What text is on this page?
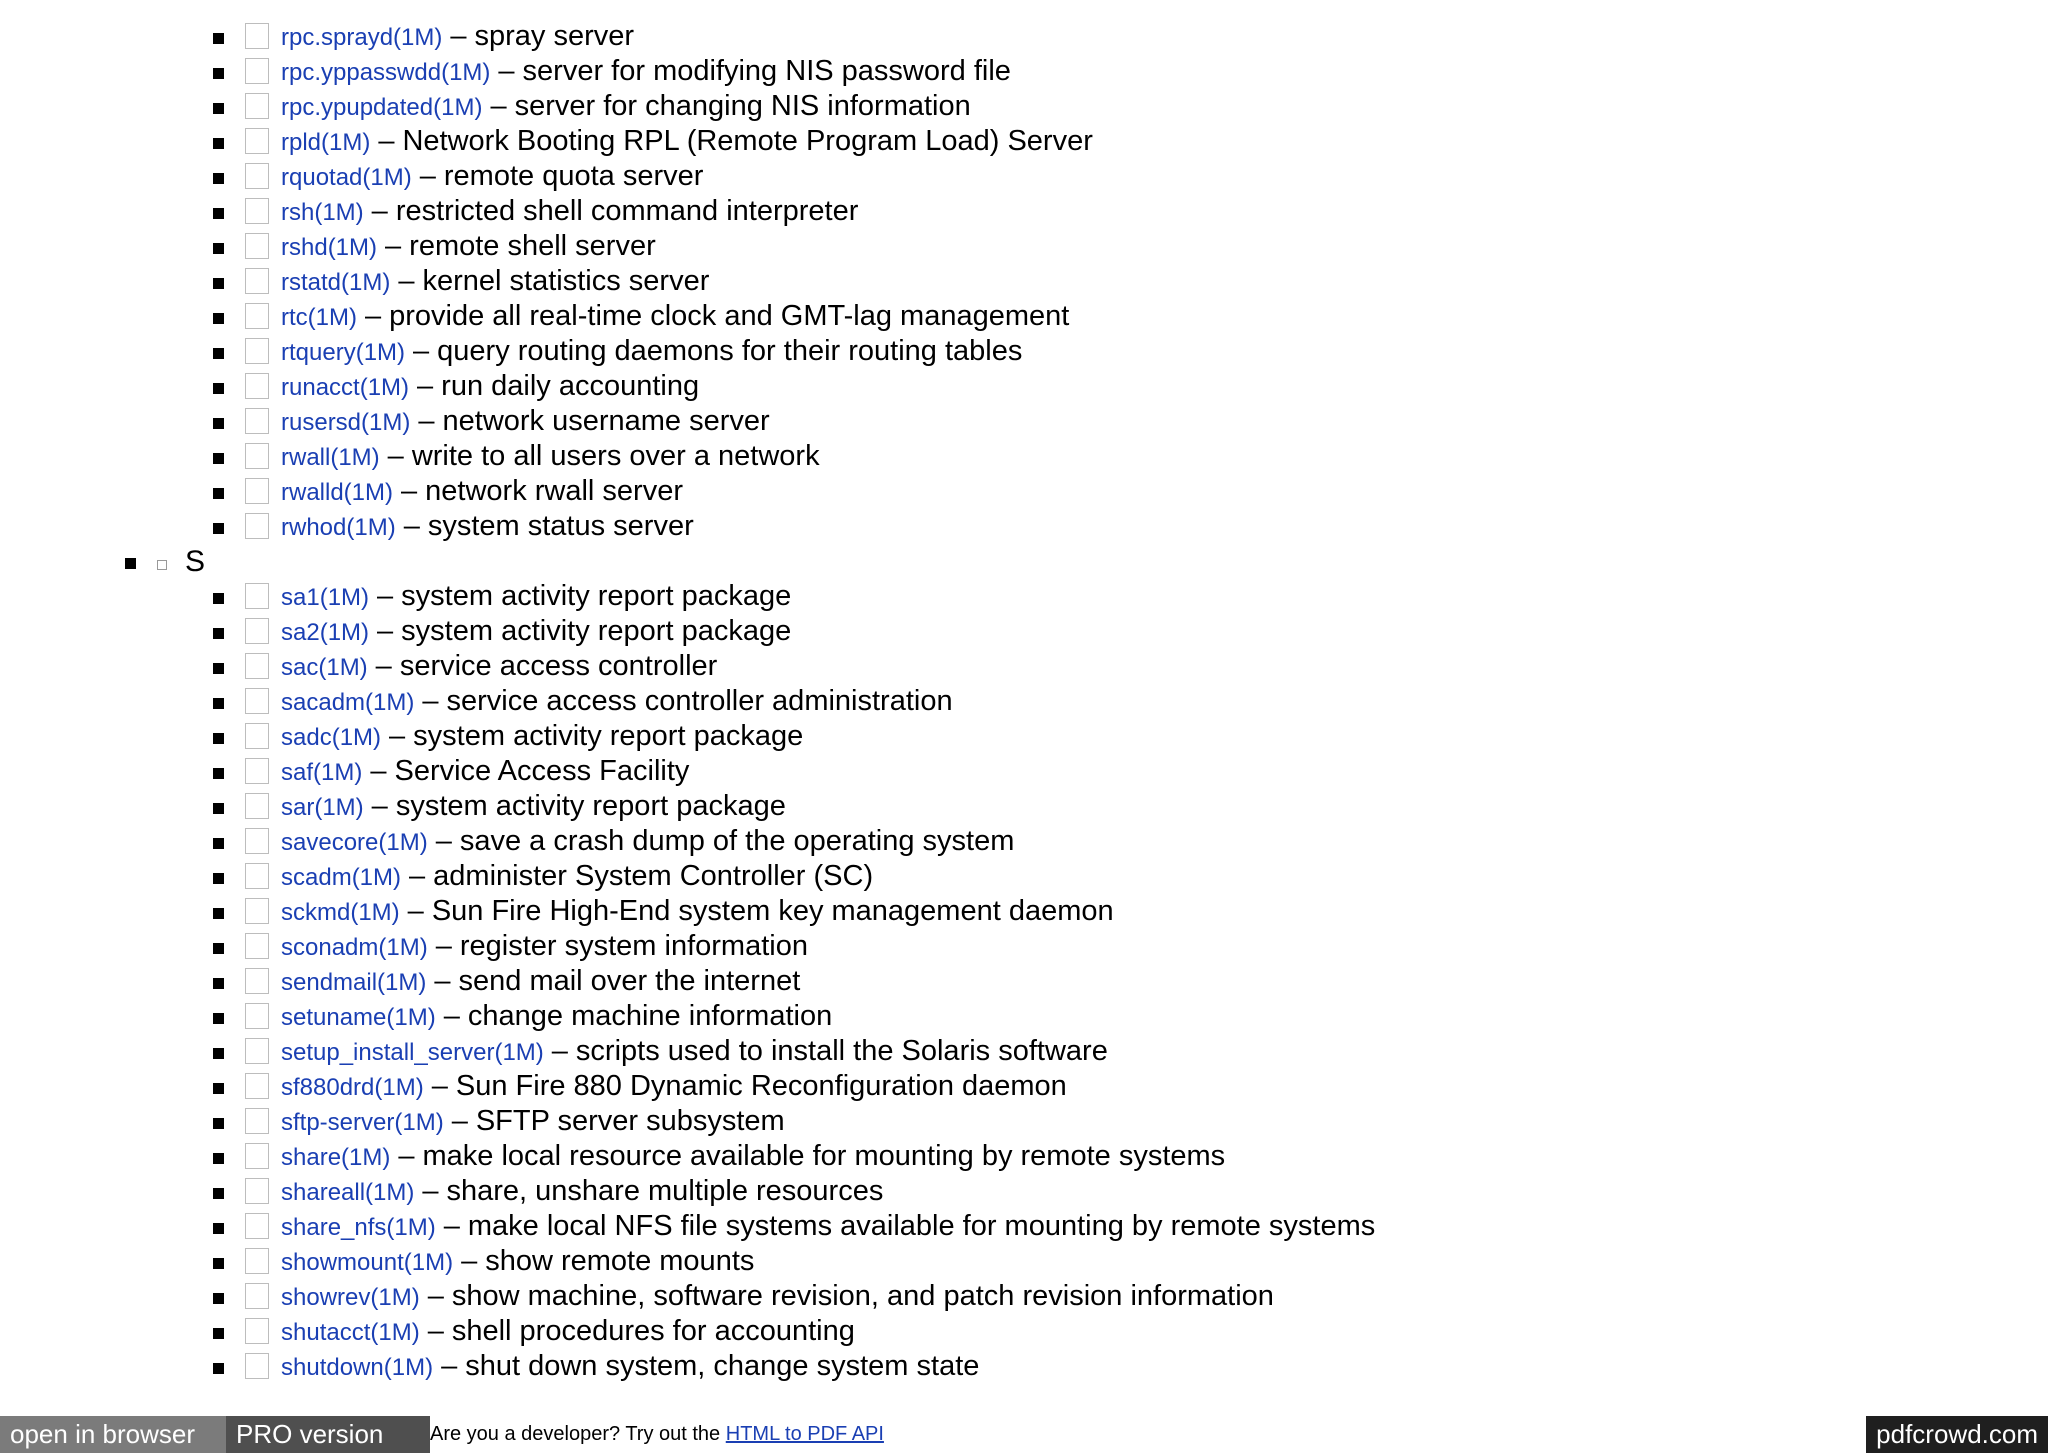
rpc.sprayd(1M) – spray server
rpc.yppasswdd(1M) – server for modifying NIS password file
rpc.ypupdated(1M) – server for changing NIS information
rpld(1M) – Network Booting RPL (Remote Program Load) Server
rquotad(1M) – remote quota server
rsh(1M) – restricted shell command interpreter
rshd(1M) – remote shell server
rstatd(1M) – kernel statistics server
rtc(1M) – provide all real-time clock and GMT-lag management
rtquery(1M) – query routing daemons for their routing tables
runacct(1M) – run daily accounting
rusersd(1M) – network username server
rwall(1M) – write to all users over a network
rwalld(1M) – network rwall server
rwhod(1M) – system status server
S
sa1(1M) – system activity report package
sa2(1M) – system activity report package
sac(1M) – service access controller
sacadm(1M) – service access controller administration
sadc(1M) – system activity report package
saf(1M) – Service Access Facility
sar(1M) – system activity report package
savecore(1M) – save a crash dump of the operating system
scadm(1M) – administer System Controller (SC)
sckmd(1M) – Sun Fire High-End system key management daemon
sconadm(1M) – register system information
sendmail(1M) – send mail over the internet
setuname(1M) – change machine information
setup_install_server(1M) – scripts used to install the Solaris software
sf880drd(1M) – Sun Fire 880 Dynamic Reconfiguration daemon
sftp-server(1M) – SFTP server subsystem
share(1M) – make local resource available for mounting by remote systems
shareall(1M) – share, unshare multiple resources
share_nfs(1M) – make local NFS file systems available for mounting by remote systems
showmount(1M) – show remote mounts
showrev(1M) – show machine, software revision, and patch revision information
shutacct(1M) – shell procedures for accounting
shutdown(1M) – shut down system, change system state
open in browser	PRO version	Are you a developer? Try out the HTML to PDF API	pdfcrowd.com
